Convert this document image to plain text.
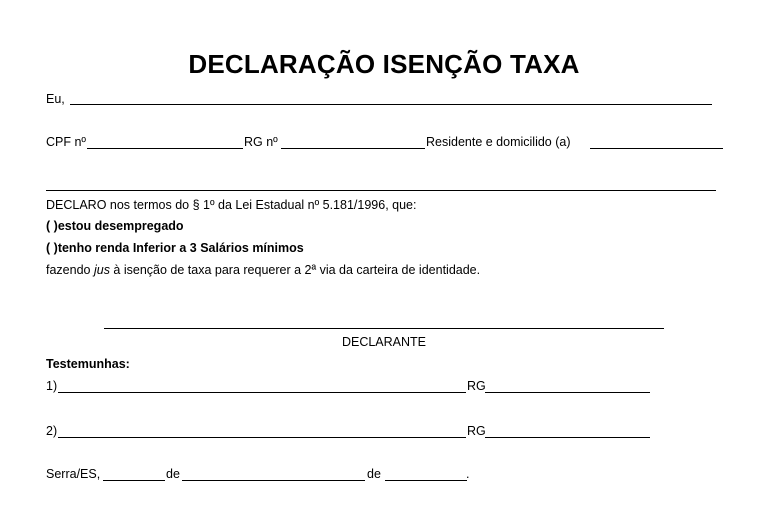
DECLARAÇÃO ISENÇÃO TAXA
Eu,
CPF nº	RG nº	Residente e domicilido (a)
DECLARO nos termos do § 1º da Lei Estadual nº 5.181/1996, que:
( )estou desempregado
( )tenho renda Inferior a 3 Salários mínimos
fazendo jus à isenção de taxa para requerer a 2ª via da carteira de identidade.
DECLARANTE
Testemunhas:
1)	RG
2)	RG
Serra/ES,	de	de	.
